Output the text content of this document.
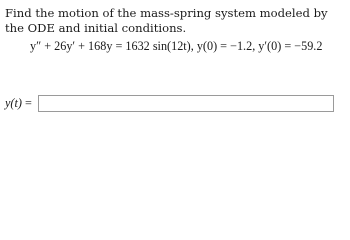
Find the motion of the mass-spring system modeled by the ODE and initial conditions.
y″ + 26y′ + 168y = 1632 sin(12t), y(0) = −1.2, y′(0) = −59.2
y(t) =
